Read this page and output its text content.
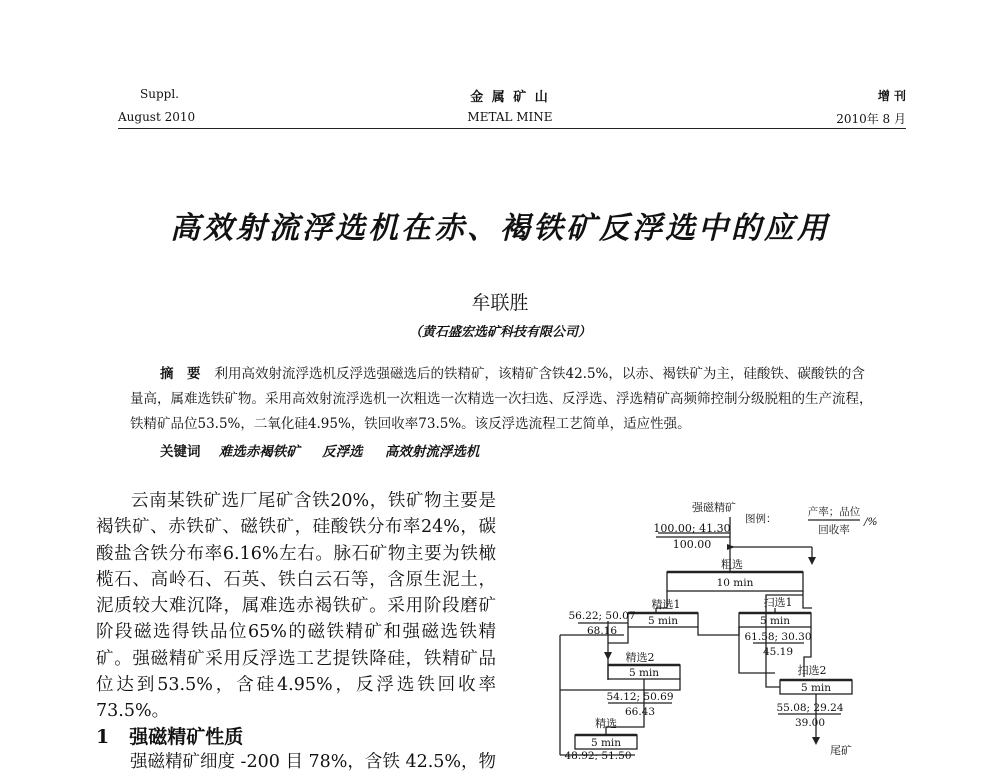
Suppl.
August 2010
金 属 矿 山
METAL MINE
增 刊
2010年 8 月
高效射流浮选机在赤、褐铁矿反浮选中的应用
牟联胜
（黄石盛宏选矿科技有限公司）
摘　要 利用高效射流浮选机反浮选强磁选后的铁精矿，该精矿含铁42.5%，以赤、褐铁矿为主，硅酸铁、碳酸铁的含量高，属难选铁矿物。采用高效射流浮选机一次粗选一次精选一次扫选、反浮选、浮选精矿高频筛控制分级脱粗的生产流程，铁精矿品位53.5%，二氧化硅4.95%，铁回收率73.5%。该反浮选流程工艺简单，适应性强。
关键词 难选赤褐铁矿 反浮选 高效射流浮选机

云南某铁矿选厂尾矿含铁20%，铁矿物主要是褐铁矿、赤铁矿、磁铁矿，硅酸铁分布率24%，碳酸盐含铁分布率6.16%左右。脉石矿物主要为铁橄榄石、高岭石、石英、铁白云石等，含原生泥土，泥质较大难沉降，属难选赤褐铁矿。采用阶段磨矿阶段磁选得铁品位65%的磁铁精矿和强磁选铁精矿。强磁精矿采用反浮选工艺提铁降硅，铁精矿品位达到53.5%，含硅4.95%，反浮选铁回收率73.5%。

1 强磁精矿性质
强磁精矿细度 -200 目 78%，含铁 42.5%，物
强磁精矿
100.00; 41.30
100.00
图例：
产率；品位
回收率
/%
粗选
10 min
精选1
5 min
56.22; 50.07
68.16
扫选1
5 min
61.58; 30.30
45.19
精选2
5 min
54.12; 50.69
66.43
扫选2
5 min
55.08; 29.24
39.00
尾矿
精选
5 min
48.92; 51.50
